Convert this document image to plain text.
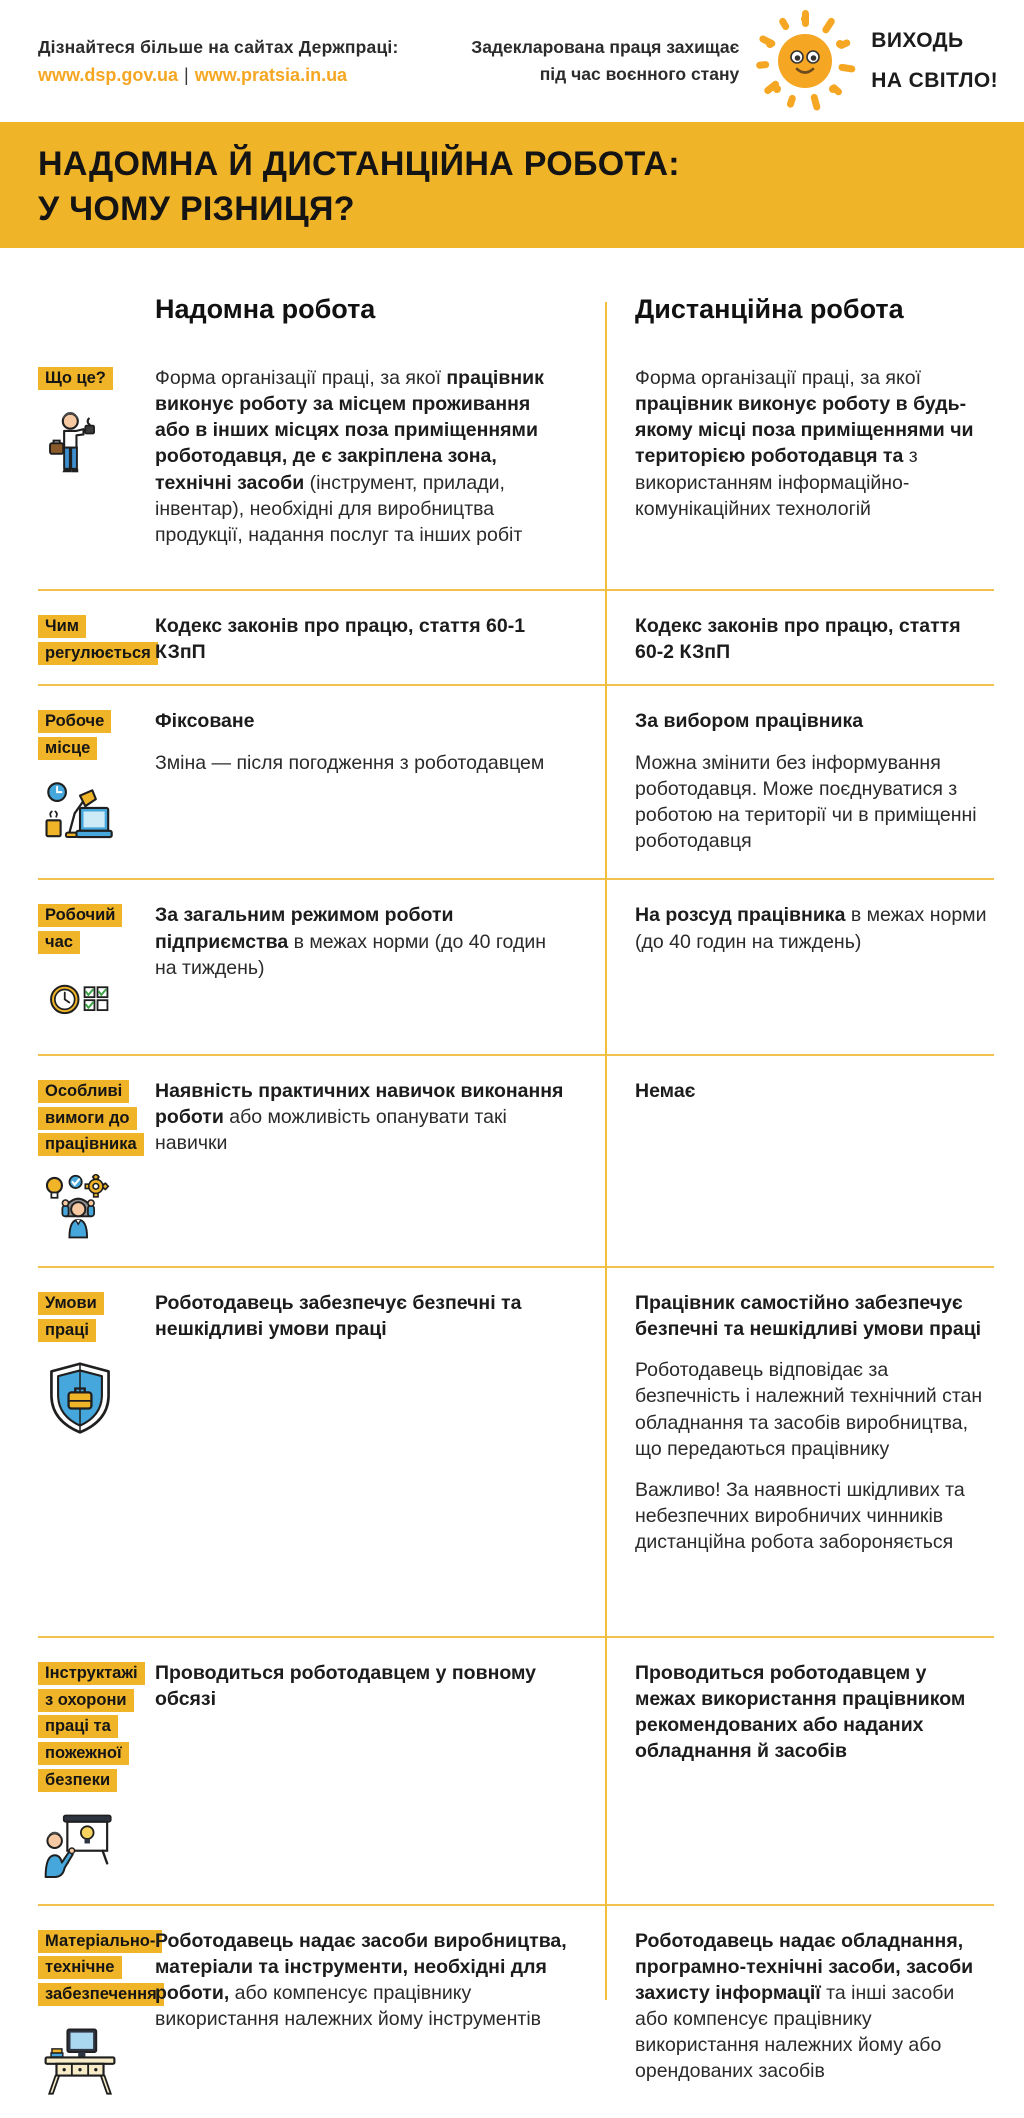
Дізнайтеся більше на сайтах Держпраці:
www.dsp.gov.ua | www.pratsia.in.ua
Задекларована праця захищає
під час воєнного стану
ВИХОДЬ
НА СВІТЛО!
НАДОМНА Й ДИСТАНЦІЙНА РОБОТА:
У ЧОМУ РІЗНИЦЯ?
Надомна робота	Дистанційна робота
Що це?	Форма організації праці, за якої працівник виконує роботу за місцем проживання або в інших місцях поза приміщеннями роботодавця, де є закріплена зона, технічні засоби (інструмент, прилади, інвентар), необхідні для виробництва продукції, надання послуг та інших робіт

Форма організації праці, за якої працівник виконує роботу в будь-якому місці поза приміщеннями чи територією роботодавця та з використанням інформаційно-комунікаційних технологій

Чим регулюється

Кодекс законів про працю, стаття 60-1 КЗпП

Кодекс законів про працю, стаття 60-2 КЗпП

Робоче місце

Фіксоване

Зміна — після погодження з роботодавцем

За вибором працівника

Можна змінити без інформування роботодавця. Може поєднуватися з роботою на території чи в приміщенні роботодавця

Робочий час

За загальним режимом роботи підприємства в межах норми (до 40 годин на тиждень)

На розсуд працівника в межах норми (до 40 годин на тиждень)

Особливі вимоги до працівника

Наявність практичних навичок виконання роботи або можливість опанувати такі навички

Немає

Умови праці

Роботодавець забезпечує безпечні та нешкідливі умови праці

Працівник самостійно забезпечує безпечні та нешкідливі умови праці

Роботодавець відповідає за безпечність і належний технічний стан обладнання та засобів виробництва, що передаються працівнику

Важливо! За наявності шкідливих та небезпечних виробничих чинників дистанційна робота забороняється

Інструктажі з охорони праці та пожежної безпеки

Проводиться роботодавцем у повному обсязі

Проводиться роботодавцем у межах використання працівником рекомендованих або наданих обладнання й засобів

Матеріально-технічне забезпечення

Роботодавець надає засоби виробництва, матеріали та інструменти, необхідні для роботи, або компенсує працівнику використання належних йому інструментів

Роботодавець надає обладнання, програмно-технічні засоби, засоби захисту інформації та інші засоби або компенсує працівнику використання належних йому або орендованих засобів
